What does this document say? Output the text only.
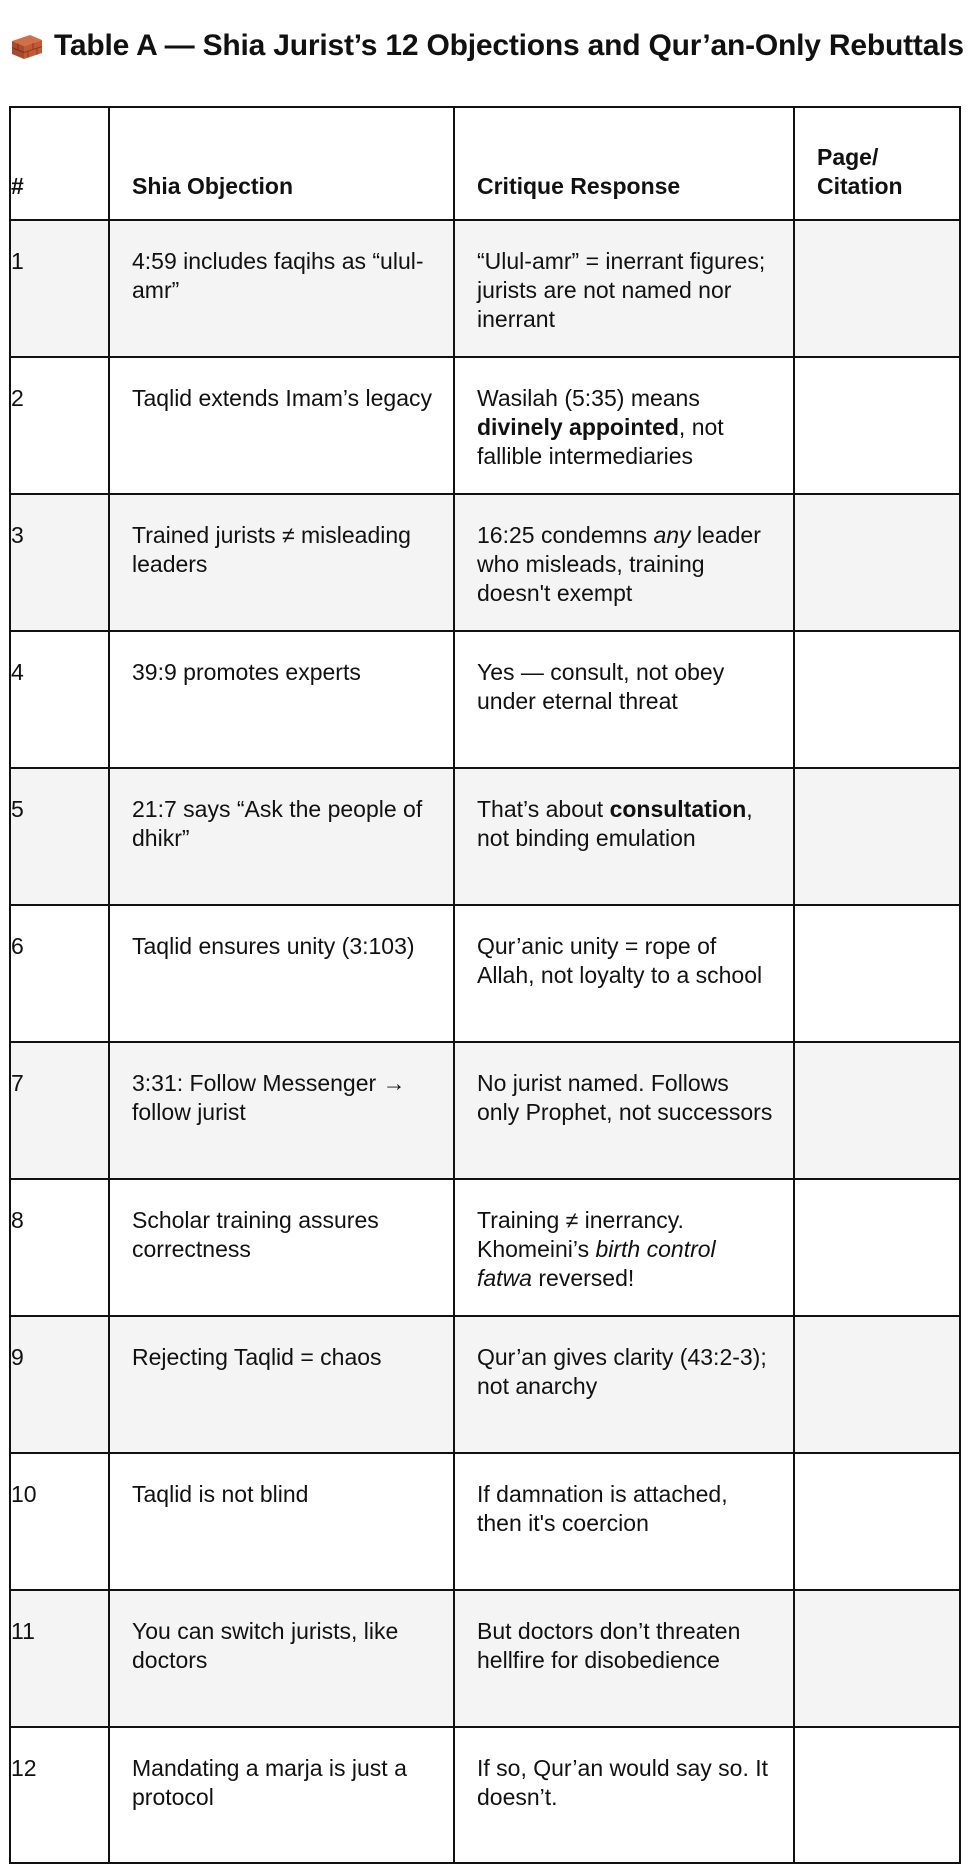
Table A — Shia Jurist’s 12 Objections and Qur’an-Only Rebuttals
#	Shia Objection	Critique Response	Page/
Citation
1	4:59 includes faqihs as “ulul-amr”	“Ulul-amr” = inerrant figures; jurists are not named nor inerrant	
2	Taqlid extends Imam’s legacy	Wasilah (5:35) means divinely appointed, not fallible intermediaries	
3	Trained jurists ≠ misleading leaders	16:25 condemns any leader who misleads, training doesn't exempt	
4	39:9 promotes experts	Yes — consult, not obey under eternal threat	
5	21:7 says “Ask the people of dhikr”	That’s about consultation, not binding emulation	
6	Taqlid ensures unity (3:103)	Qur’anic unity = rope of Allah, not loyalty to a school	
7	3:31: Follow Messenger → follow jurist	No jurist named. Follows only Prophet, not successors	
8	Scholar training assures correctness	Training ≠ inerrancy. Khomeini’s birth control fatwa reversed!	
9	Rejecting Taqlid = chaos	Qur’an gives clarity (43:2-3); not anarchy	
10	Taqlid is not blind	If damnation is attached, then it's coercion	
11	You can switch jurists, like doctors	But doctors don’t threaten hellfire for disobedience	
12	Mandating a marja is just a protocol	If so, Qur’an would say so. It doesn’t.	
